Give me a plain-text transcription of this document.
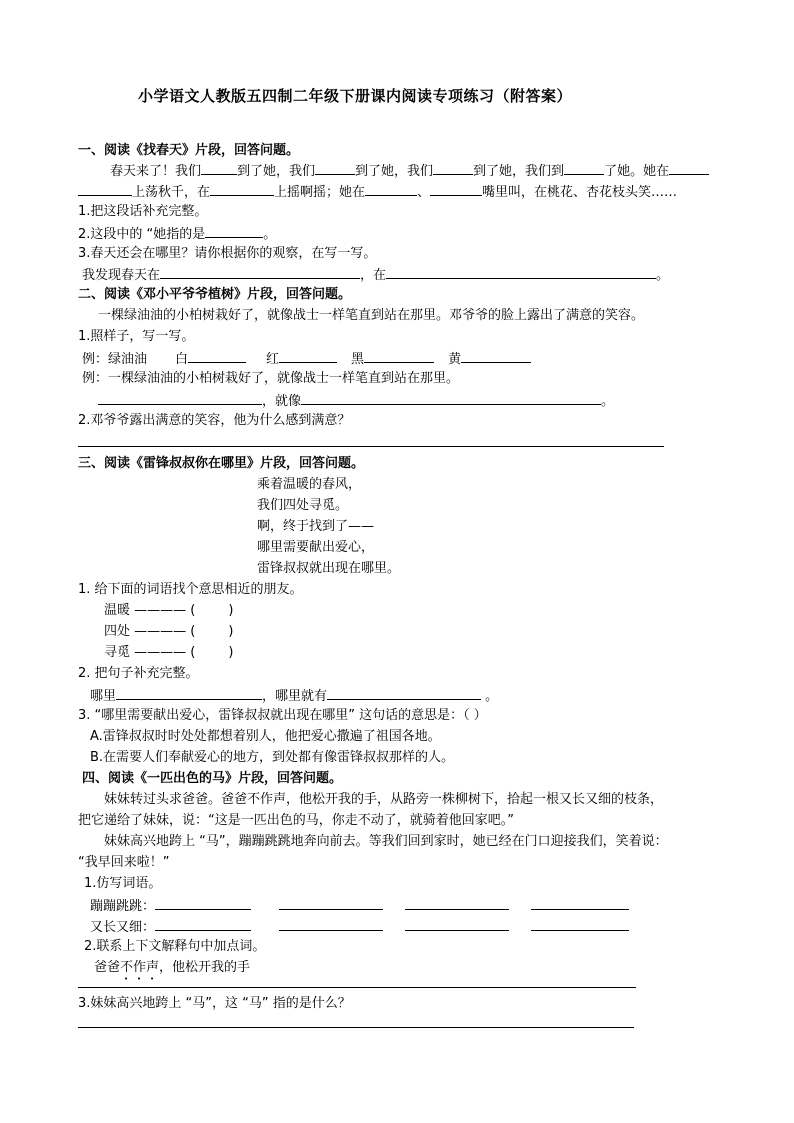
小学语文人教版五四制二年级下册课内阅读专项练习（附答案）
一、阅读《找春天》片段，回答问题。
春天来了！我们	到了她，我们	到了她，我们	到了她，我们到	了她。她在
上荡秋千，在	上摇啊摇；她在	、	嘴里叫，在桃花、杏花枝头笑……
1.把这段话补充完整。
2.这段中的 “她指的是	。
3.春天还会在哪里？请你根据你的观察，在写一写。
我发现春天在	，在	。
二、阅读《邓小平爷爷植树》片段，回答问题。
一棵绿油油的小柏树栽好了，就像战士一样笔直到站在那里。邓爷爷的脸上露出了满意的笑容。
1.照样子，写一写。
例：绿油油 白	红	黑	黄
例：一棵绿油油的小柏树栽好了，就像战士一样笔直到站在那里。
，就像	。
2.邓爷爷露出满意的笑容，他为什么感到满意？
三、阅读《雷锋叔叔你在哪里》片段，回答问题。
乘着温暖的春风，
我们四处寻觅。
啊，终于找到了——
哪里需要献出爱心，
雷锋叔叔就出现在哪里。
1. 给下面的词语找个意思相近的朋友。
温暖 ———— (        )
四处 ———— (        )
寻觅 ———— (        )
2. 把句子补充完整。
哪里	，哪里就有	。
3. “哪里需要献出爱心，雷锋叔叔就出现在哪里” 这句话的意思是：（ ）
A.雷锋叔叔时时处处都想着别人，他把爱心撒遍了祖国各地。
B.在需要人们奉献爱心的地方，到处都有像雷锋叔叔那样的人。
四、阅读《一匹出色的马》片段，回答问题。
妹妹转过头求爸爸。爸爸不作声，他松开我的手，从路旁一株柳树下，拾起一根又长又细的枝条，
把它递给了妹妹，说：“这是一匹出色的马，你走不动了，就骑着他回家吧。”
妹妹高兴地跨上 “马”，蹦蹦跳跳地奔向前去。等我们回到家时，她已经在门口迎接我们，笑着说：
“我早回来啦！”
1.仿写词语。
蹦蹦跳跳：
又长又细：
2.联系上下文解释句中加点词。
爸爸不作声，他松开我的手
3.妹妹高兴地跨上 “马”，这 “马” 指的是什么？
